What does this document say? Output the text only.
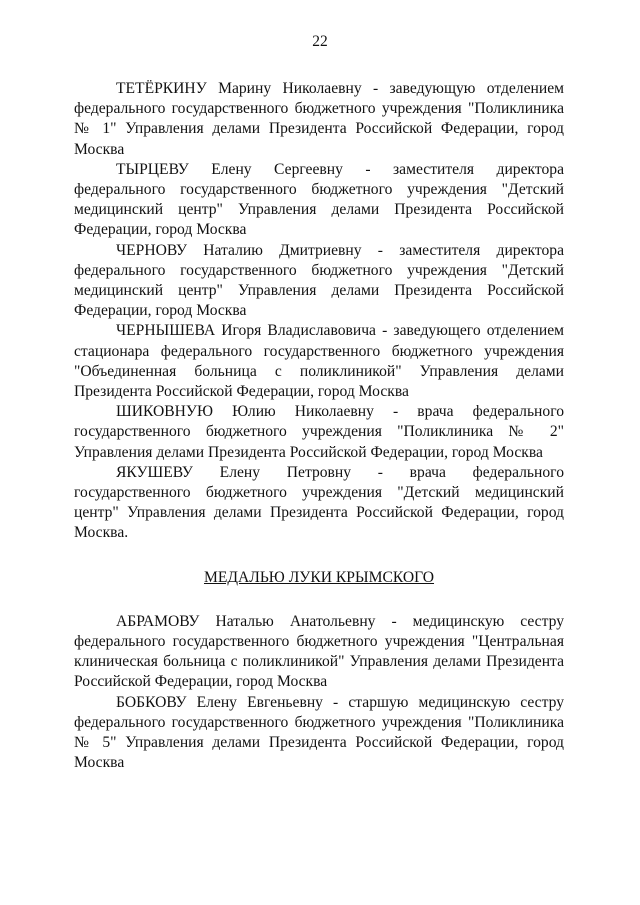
22

ТЕТЁРКИНУ Марину Николаевну - заведующую отделением федерального государственного бюджетного учреждения "Поликлиника № 1" Управления делами Президента Российской Федерации, город Москва

ТЫРЦЕВУ Елену Сергеевну - заместителя директора федерального государственного бюджетного учреждения "Детский медицинский центр" Управления делами Президента Российской Федерации, город Москва

ЧЕРНОВУ Наталию Дмитриевну - заместителя директора федерального государственного бюджетного учреждения "Детский медицинский центр" Управления делами Президента Российской Федерации, город Москва

ЧЕРНЫШЕВА Игоря Владиславовича - заведующего отделением стационара федерального государственного бюджетного учреждения "Объединенная больница с поликлиникой" Управления делами Президента Российской Федерации, город Москва

ШИКОВНУЮ Юлию Николаевну - врача федерального государственного бюджетного учреждения "Поликлиника № 2" Управления делами Президента Российской Федерации, город Москва

ЯКУШЕВУ Елену Петровну - врача федерального государственного бюджетного учреждения "Детский медицинский центр" Управления делами Президента Российской Федерации, город Москва.

МЕДАЛЬЮ ЛУКИ КРЫМСКОГО

АБРАМОВУ Наталью Анатольевну - медицинскую сестру федерального государственного бюджетного учреждения "Центральная клиническая больница с поликлиникой" Управления делами Президента Российской Федерации, город Москва

БОБКОВУ Елену Евгеньевну - старшую медицинскую сестру федерального государственного бюджетного учреждения "Поликлиника № 5" Управления делами Президента Российской Федерации, город Москва
